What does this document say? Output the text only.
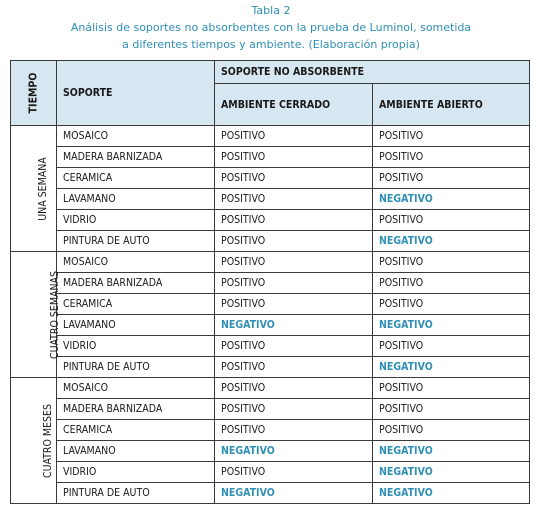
Tabla 2
Análisis de soportes no absorbentes con la prueba de Luminol, sometida
a diferentes tiempos y ambiente. (Elaboración propia)
TIEMPO	SOPORTE	SOPORTE NO ABSORBENTE	
		AMBIENTE CERRADO	AMBIENTE ABIERTO
UNA SEMANA	MOSAICO	POSITIVO	POSITIVO
	MADERA BARNIZADA	POSITIVO	POSITIVO
	CERAMICA	POSITIVO	POSITIVO
	LAVAMANO	POSITIVO	NEGATIVO
	VIDRIO	POSITIVO	POSITIVO
	PINTURA DE AUTO	POSITIVO	NEGATIVO
CUATRO SEMANAS	MOSAICO	POSITIVO	POSITIVO
	MADERA BARNIZADA	POSITIVO	POSITIVO
	CERAMICA	POSITIVO	POSITIVO
	LAVAMANO	NEGATIVO	NEGATIVO
	VIDRIO	POSITIVO	POSITIVO
	PINTURA DE AUTO	POSITIVO	NEGATIVO
CUATRO MESES	MOSAICO	POSITIVO	POSITIVO
	MADERA BARNIZADA	POSITIVO	POSITIVO
	CERAMICA	POSITIVO	POSITIVO
	LAVAMANO	NEGATIVO	NEGATIVO
	VIDRIO	POSITIVO	NEGATIVO
	PINTURA DE AUTO	NEGATIVO	NEGATIVO
